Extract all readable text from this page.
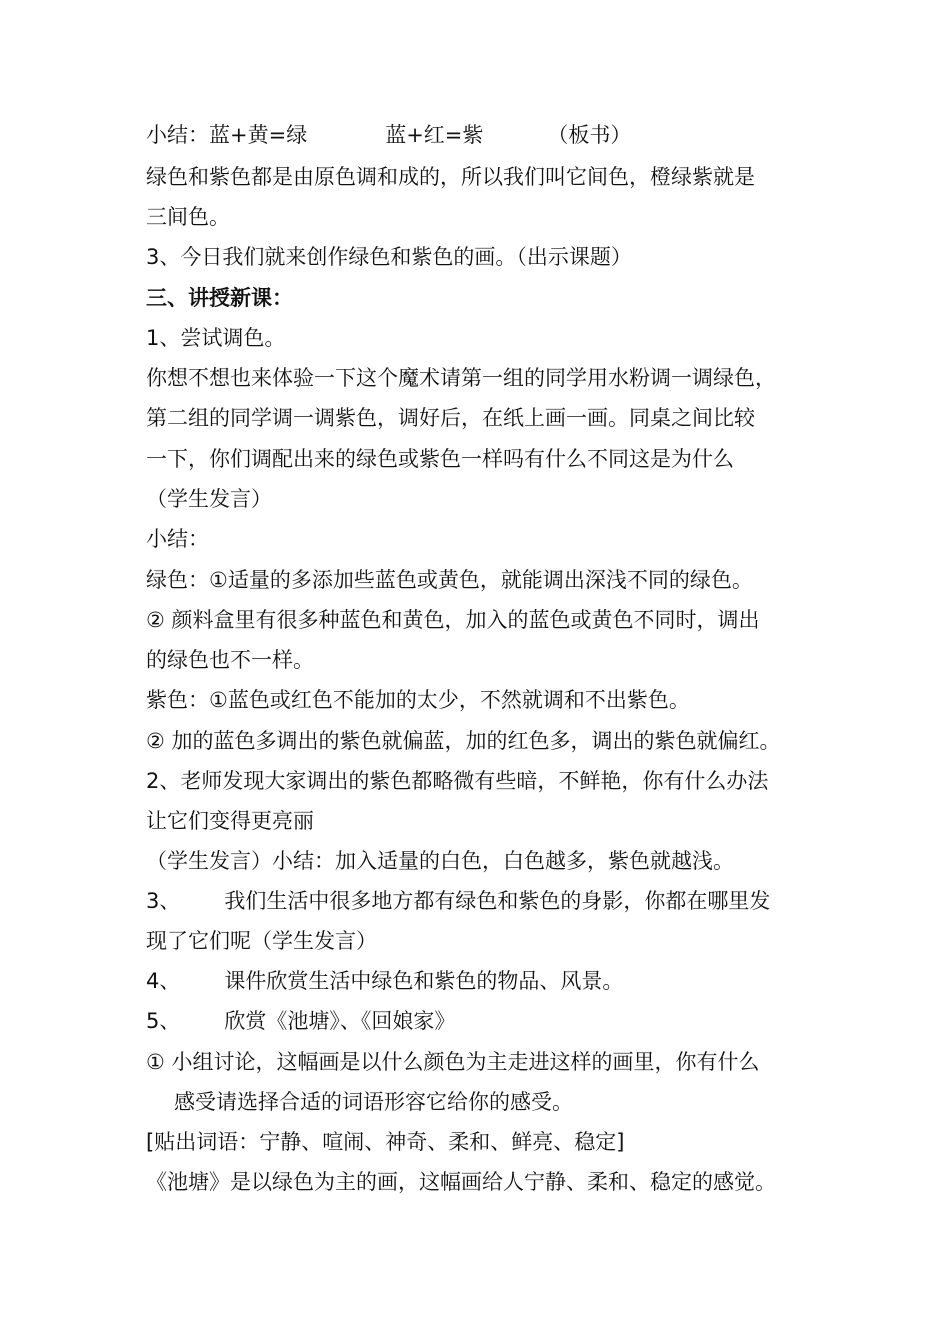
小结：蓝+黄=绿	蓝+红=紫	（板书）
绿色和紫色都是由原色调和成的，所以我们叫它间色，橙绿紫就是
三间色。
3、今日我们就来创作绿色和紫色的画。（出示课题）
三、讲授新课：
1、尝试调色。
你想不想也来体验一下这个魔术请第一组的同学用水粉调一调绿色，
第二组的同学调一调紫色，调好后，在纸上画一画。同桌之间比较
一下，你们调配出来的绿色或紫色一样吗有什么不同这是为什么
（学生发言）
小结：
绿色：①适量的多添加些蓝色或黄色，就能调出深浅不同的绿色。
② 颜料盒里有很多种蓝色和黄色，加入的蓝色或黄色不同时，调出
的绿色也不一样。
紫色：①蓝色或红色不能加的太少，不然就调和不出紫色。
② 加的蓝色多调出的紫色就偏蓝，加的红色多，调出的紫色就偏红。
2、老师发现大家调出的紫色都略微有些暗，不鲜艳，你有什么办法
让它们变得更亮丽
（学生发言）小结：加入适量的白色，白色越多，紫色就越浅。
3、 我们生活中很多地方都有绿色和紫色的身影，你都在哪里发
现了它们呢（学生发言）
4、 课件欣赏生活中绿色和紫色的物品、风景。
5、 欣赏《池塘》、《回娘家》
① 小组讨论，这幅画是以什么颜色为主走进这样的画里，你有什么
感受请选择合适的词语形容它给你的感受。
[贴出词语：宁静、喧闹、神奇、柔和、鲜亮、稳定]
《池塘》是以绿色为主的画，这幅画给人宁静、柔和、稳定的感觉。
